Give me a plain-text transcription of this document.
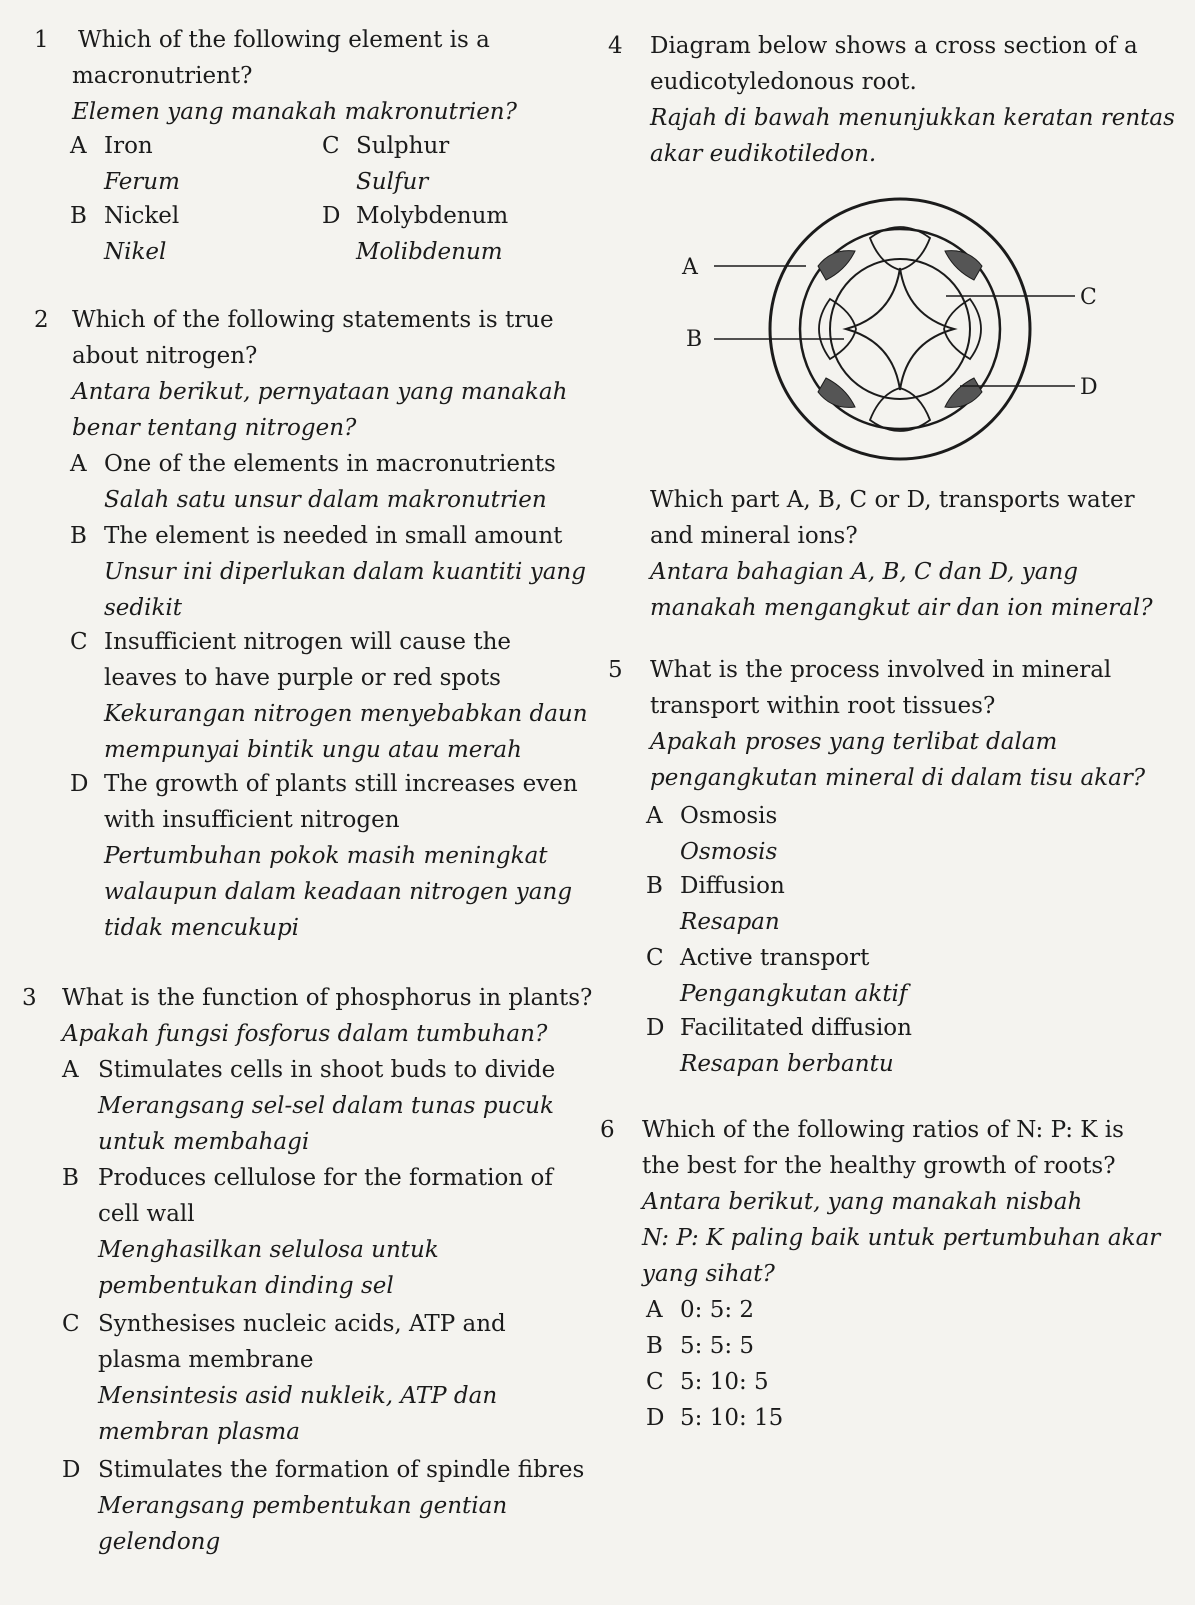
1 Which of the following element is a
macronutrient?
Elemen yang manakah makronutrien?
A Iron
Ferum
C Sulphur
Sulfur
B Nickel
Nikel
D Molybdenum
Molibdenum
2 Which of the following statements is true
about nitrogen?
Antara berikut, pernyataan yang manakah
benar tentang nitrogen?
A One of the elements in macronutrients
Salah satu unsur dalam makronutrien
B The element is needed in small amount
Unsur ini diperlukan dalam kuantiti yang
sedikit
C Insufficient nitrogen will cause the
leaves to have purple or red spots
Kekurangan nitrogen menyebabkan daun
mempunyai bintik ungu atau merah
D The growth of plants still increases even
with insufficient nitrogen
Pertumbuhan pokok masih meningkat
walaupun dalam keadaan nitrogen yang
tidak mencukupi
3 What is the function of phosphorus in plants?
Apakah fungsi fosforus dalam tumbuhan?
A Stimulates cells in shoot buds to divide
Merangsang sel-sel dalam tunas pucuk
untuk membahagi
B Produces cellulose for the formation of
cell wall
Menghasilkan selulosa untuk
pembentukan dinding sel
C Synthesises nucleic acids, ATP and
plasma membrane
Mensintesis asid nukleik, ATP dan
membran plasma
D Stimulates the formation of spindle fibres
Merangsang pembentukan gentian
gelendong
4 Diagram below shows a cross section of a
eudicotyledonous root.
Rajah di bawah menunjukkan keratan rentas
akar eudikotiledon.
A
B
C
D
Which part A, B, C or D, transports water
and mineral ions?
Antara bahagian A, B, C dan D, yang
manakah mengangkut air dan ion mineral?
5 What is the process involved in mineral
transport within root tissues?
Apakah proses yang terlibat dalam
pengangkutan mineral di dalam tisu akar?
A Osmosis
Osmosis
B Diffusion
Resapan
C Active transport
Pengangkutan aktif
D Facilitated diffusion
Resapan berbantu
6 Which of the following ratios of N: P: K is
the best for the healthy growth of roots?
Antara berikut, yang manakah nisbah
N: P: K paling baik untuk pertumbuhan akar
yang sihat?
A 0: 5: 2
B 5: 5: 5
C 5: 10: 5
D 5: 10: 15
